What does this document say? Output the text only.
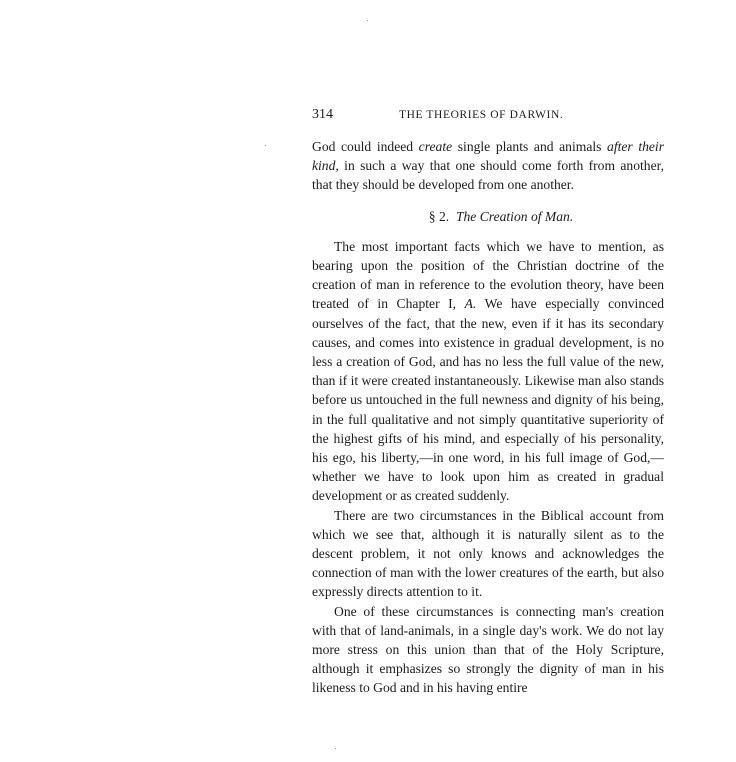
314	THE THEORIES OF DARWIN.

God could indeed create single plants and animals after their kind, in such a way that one should come forth from another, that they should be developed from one another.

§ 2. The Creation of Man.

The most important facts which we have to mention, as bearing upon the position of the Christian doctrine of the creation of man in reference to the evolution theory, have been treated of in Chapter I, A. We have especially convinced ourselves of the fact, that the new, even if it has its secondary causes, and comes into existence in gradual development, is no less a creation of God, and has no less the full value of the new, than if it were created instantaneously. Likewise man also stands before us untouched in the full newness and dignity of his being, in the full qualitative and not simply quantitative superiority of the highest gifts of his mind, and especially of his personality, his ego, his liberty,—in one word, in his full image of God,—whether we have to look upon him as created in gradual development or as created suddenly.

There are two circumstances in the Biblical account from which we see that, although it is naturally silent as to the descent problem, it not only knows and acknowledges the connection of man with the lower creatures of the earth, but also expressly directs attention to it.

One of these circumstances is connecting man's creation with that of land-animals, in a single day's work. We do not lay more stress on this union than that of the Holy Scripture, although it emphasizes so strongly the dignity of man in his likeness to God and in his having entire
